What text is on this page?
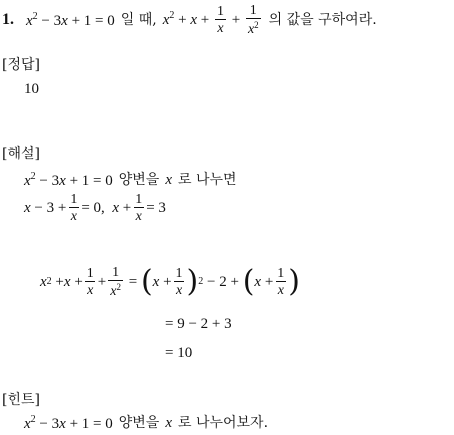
1. $x^2 - 3x + 1 = 0$ 일 때, $x^2 + x + \frac{1}{x} + \frac{1}{x^2}$ 의 값을 구하여라.
[정답]
10
[해설]
$x^2 - 3x + 1 = 0$ 양변을 x 로 나누면
$x - 3 + \frac{1}{x} = 0$, $x + \frac{1}{x} = 3$
x $2 + x + \frac{1}{x} + \frac{1}{x^2}$ = ( $x + \frac{1}{x}$ ) 2 − 2 + ( $x + \frac{1}{x}$ )
= 9 − 2 + 3
= 10
[힌트]
$x^2 - 3x + 1 = 0$ 양변을 x 로 나누어보자.
